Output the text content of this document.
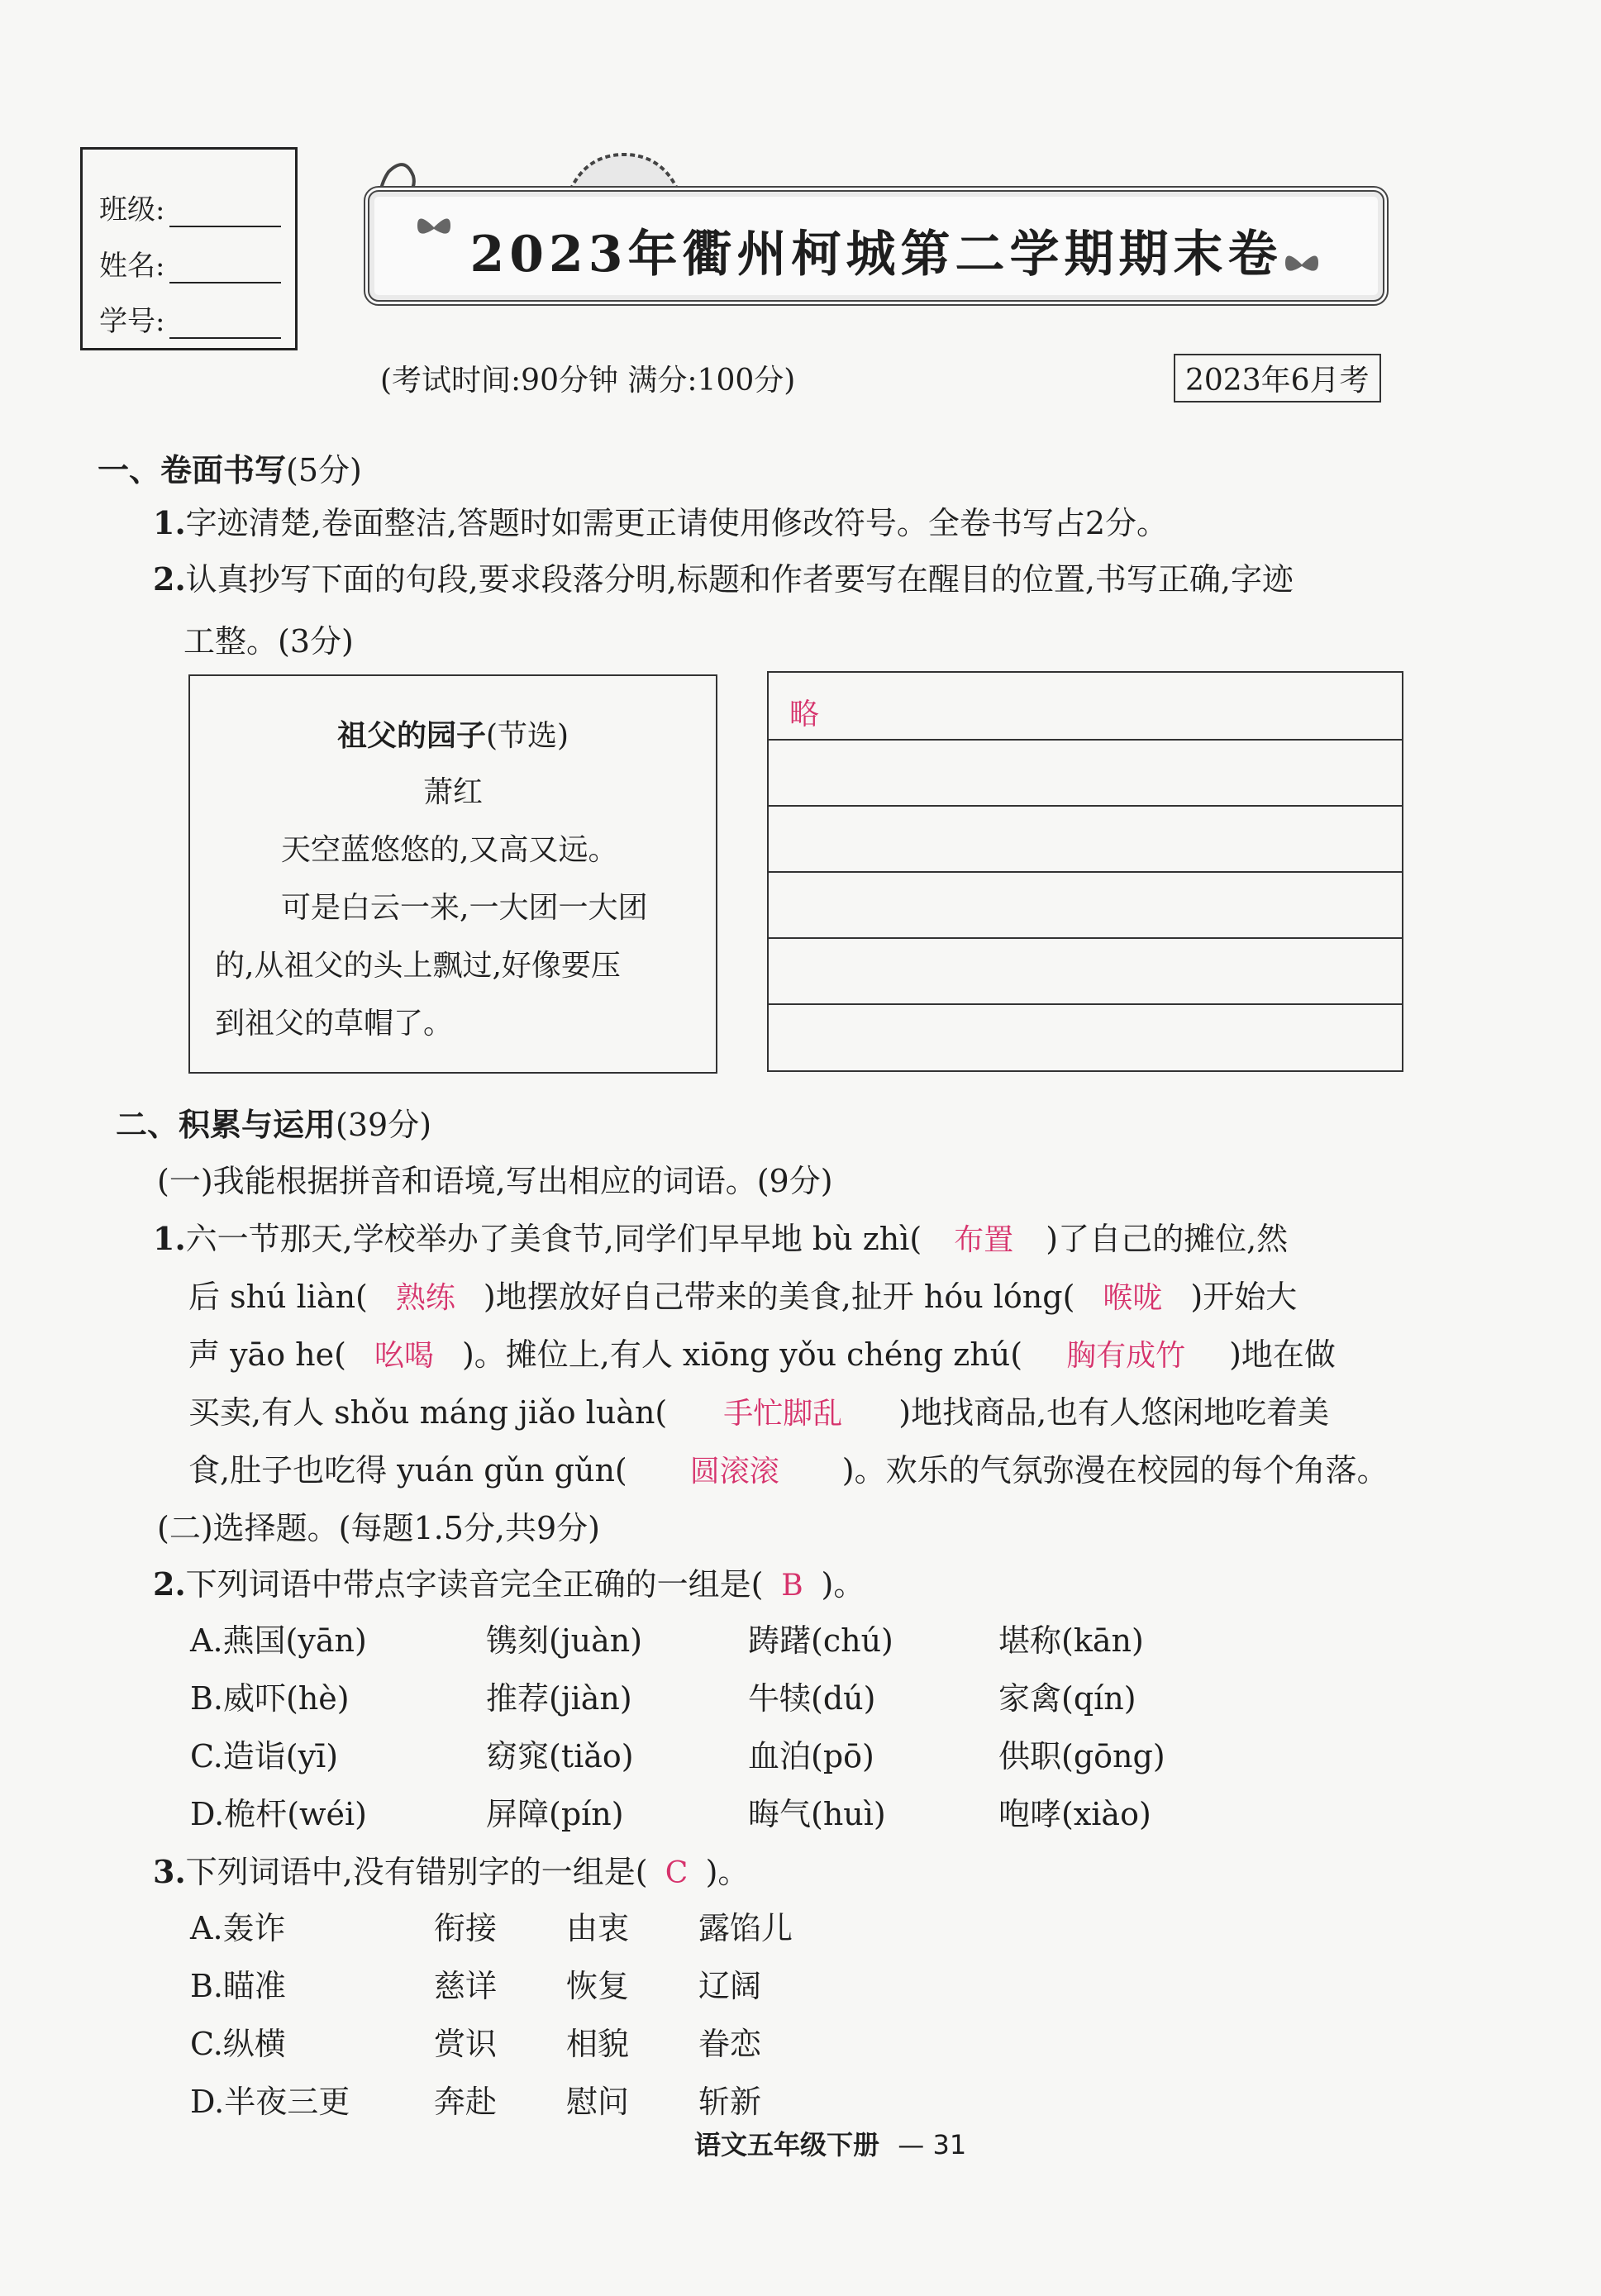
班级:
姓名:
学号:
2023年衢州柯城第二学期期末卷
(考试时间:90分钟 满分:100分)	2023年6月考
一、卷面书写(5分)
1.字迹清楚,卷面整洁,答题时如需更正请使用修改符号。全卷书写占2分。
2.认真抄写下面的句段,要求段落分明,标题和作者要写在醒目的位置,书写正确,字迹
工整。(3分)
祖父的园子(节选)
萧红
天空蓝悠悠的,又高又远。
可是白云一来,一大团一大团
的,从祖父的头上飘过,好像要压
到祖父的草帽了。
略
二、积累与运用(39分)
(一)我能根据拼音和语境,写出相应的词语。(9分)
1.六一节那天,学校举办了美食节,同学们早早地 bù zhì( 布置 )了自己的摊位,然
后 shú liàn( 熟练 )地摆放好自己带来的美食,扯开 hóu lóng( 喉咙 )开始大
声 yāo he( 吆喝 )。摊位上,有人 xiōng yǒu chéng zhú( 胸有成竹 )地在做
买卖,有人 shǒu máng jiǎo luàn( 手忙脚乱 )地找商品,也有人悠闲地吃着美
食,肚子也吃得 yuán gǔn gǔn( 圆滚滚 )。欢乐的气氛弥漫在校园的每个角落。
(二)选择题。(每题1.5分,共9分)
2.下列词语中带点字读音完全正确的一组是( B )。
A.燕国(yān)	镌刻(juàn)	踌躇(chú)	堪称(kān)
B.威吓(hè)	推荐(jiàn)	牛犊(dú)	家禽(qín)
C.造诣(yī)	窈窕(tiǎo)	血泊(pō)	供职(gōng)
D.桅杆(wéi)	屏障(pín)	晦气(huì)	咆哮(xiào)
3.下列词语中,没有错别字的一组是( C )。
A.轰诈	衔接 由衷 露馅儿
B.瞄准	慈详 恢复 辽阔
C.纵横	赏识 相貌 眷恋
D.半夜三更	奔赴 慰问 斩新
语文五年级下册 — 31
